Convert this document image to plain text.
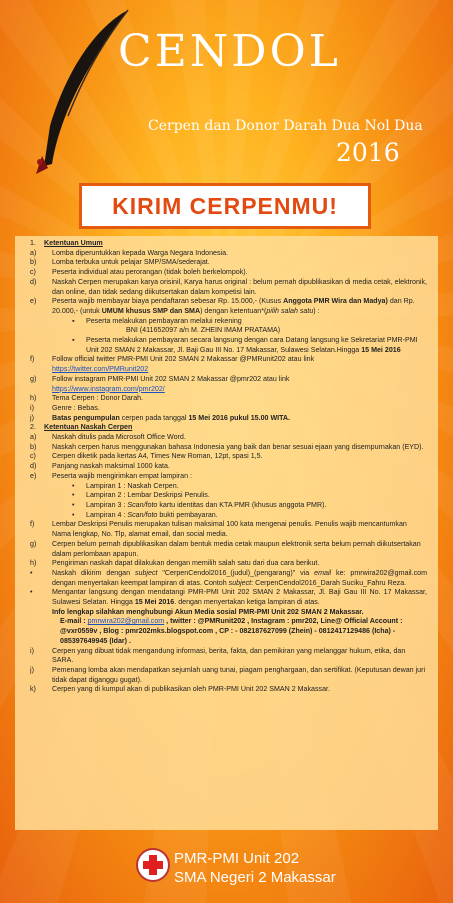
CENDOL
Cerpen dan Donor Darah Dua Nol Dua
2016
KIRIM CERPENMU!
1.	Ketentuan Umum
a)	Lomba diperuntukkan kepada Warga Negara Indonesia.
b)	Lomba terbuka untuk pelajar SMP/SMA/sederajat.
c)	Peserta individual atau perorangan (tidak boleh berkelompok).
d)	Naskah Cerpen merupakan karya orisinil, Karya harus original : belum pernah dipublikasikan di media cetak, elektronik, dan online, dan tidak sedang diikutsertakan dalam kompetisi lain.
e)	Peserta wajib membayar biaya pendaftaran sebesar Rp. 15.000,- (Kusus Anggota PMR Wira dan Madya) dan Rp. 20.000,- (untuk UMUM khusus SMP dan SMA) dengan ketentuan*(pilih salah satu) :
▪	Peserta melakukan pembayaran melalui rekening
BNI (411652097 a/n M. ZHEIN IMAM PRATAMA)
▪	Peserta melakukan pembayaran secara langsung dengan cara Datang langsung ke Sekretariat PMR-PMI Unit 202 SMAN 2 Makassar, Jl. Baji Gau III No. 17 Makassar, Sulawesi Selatan.Hingga 15 Mei 2016
f)	Follow official twitter PMR-PMI Unit 202 SMAN 2 Makassar @PMRunit202 atau link
https://twitter.com/PMRunit202
g)	Follow instagram PMR-PMI Unit 202 SMAN 2 Makassar @pmr202 atau link
https://www.instagram.com/pmr202/
h)	Tema Cerpen : Donor Darah.
i)	Genre : Bebas.
j)	Batas pengumpulan cerpen pada tanggal 15 Mei 2016 pukul 15.00 WITA.
2.	Ketentuan Naskah Cerpen
a)	Naskah ditulis pada Microsoft Office Word.
b)	Naskah cerpen harus menggunakan bahasa Indonesia yang baik dan benar sesuai ejaan yang disempurnakan (EYD).
c)	Cerpen diketik pada kertas A4, Times New Roman, 12pt, spasi 1,5.
d)	Panjang naskah maksimal 1000 kata.
e)	Peserta wajib mengirimkan empat lampiran :
•	Lampiran 1 : Naskah Cerpen.
•	Lampiran 2 : Lembar Deskripsi Penulis.
•	Lampiran 3 : Scan/foto kartu identitas dan KTA PMR (khusus anggota PMR).
•	Lampiran 4 : Scan/foto bukti pembayaran.
f)	Lembar Deskripsi Penulis merupakan tulisan maksimal 100 kata mengenai penulis. Penulis wajib mencantumkan Nama lengkap, No. Tlp, alamat email, dan social media.
g)	Cerpen belum pernah dipublikasikan dalam bentuk media cetak maupun elektronik serta belum pernah diikutsertakan dalam perlombaan apapun.
h)	Pengiriman naskah dapat dilakukan dengan memilih salah satu dari dua cara berikut.
•	Naskah dikirim dengan subject "CerpenCendol2016_(judul)_(pengarang)" via email ke: pmrwira202@gmail.com dengan menyertakan keempat lampiran di atas. Contoh subject: CerpenCendol2016_Darah Suciku_Fahru Reza.
•	Mengantar langsung dengan mendatangi PMR-PMI Unit 202 SMAN 2 Makassar, Jl. Baji Gau III No. 17 Makassar, Sulawesi Selatan. Hingga 15 Mei 2016. dengan menyertakan ketiga lampiran di atas.
Info lengkap silahkan menghubungi Akun Media sosial PMR-PMI Unit 202 SMAN 2 Makassar.
E-mail : pmrwira202@gmail.com , twitter : @PMRunit202 , Instagram : pmr202, Line@ Official Account : @vxr0559v , Blog : pmr202mks.blogspot.com , CP : - 082187627099 (Zhein) - 0812417129486 (Icha) - 085397649945 (Idar) .
i)	Cerpen yang dibuat tidak mengandung informasi, berita, fakta, dan pemikiran yang melanggar hukum, etika, dan SARA.
j)	Pemenang lomba akan mendapatkan sejumlah uang tunai, piagam penghargaan, dan sertifikat. (Keputusan dewan juri tidak dapat diganggu gugat).
k)	Cerpen yang di kumpul akan di publikasikan oleh PMR-PMI Unit 202 SMAN 2 Makassar.
PMR-PMI Unit 202
SMA Negeri 2 Makassar
